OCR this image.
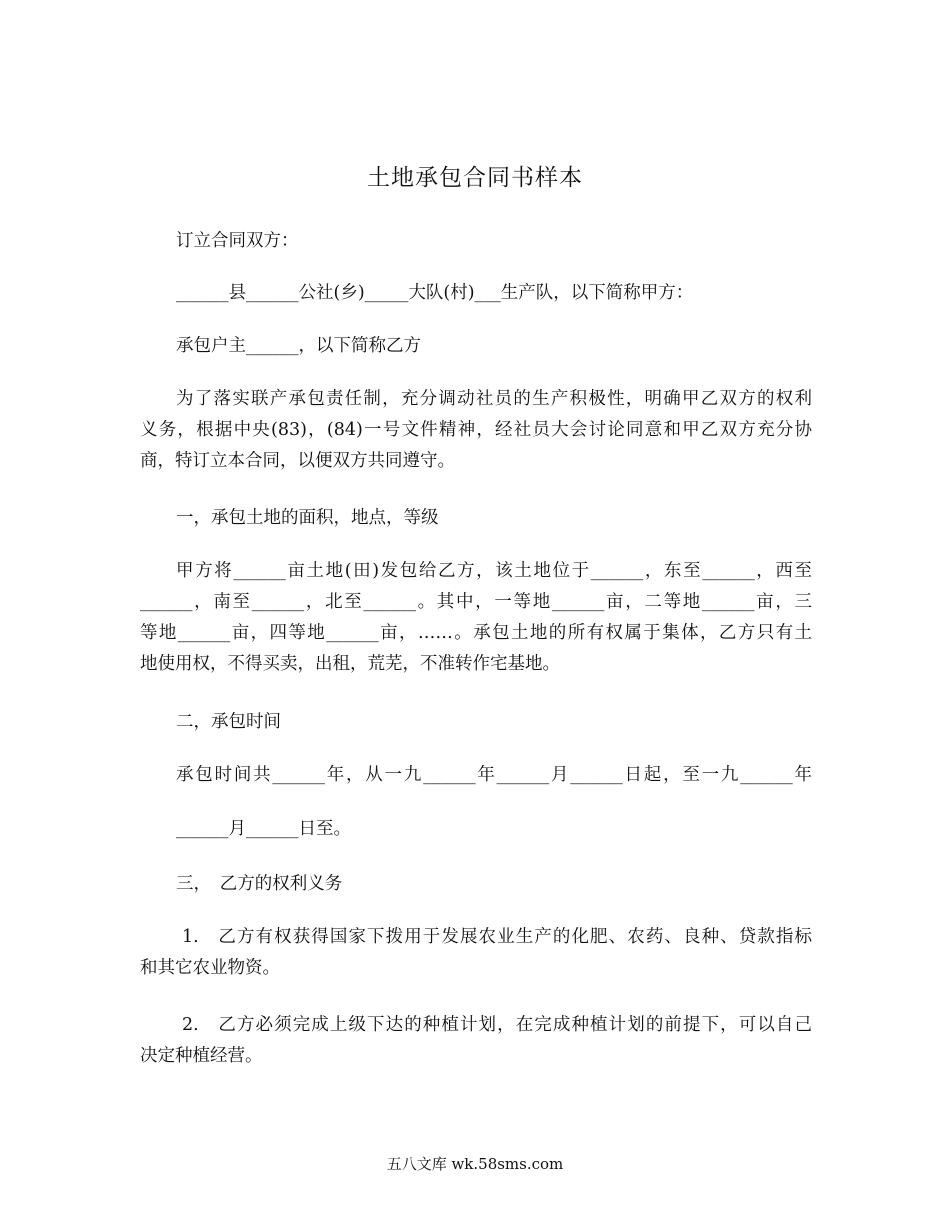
土地承包合同书样本
订立合同双方：
______县______公社(乡)_____大队(村)___生产队，以下简称甲方：
承包户主______，以下简称乙方
为了落实联产承包责任制，充分调动社员的生产积极性，明确甲乙双方的权利
义务，根据中央(83)，(84)一号文件精神，经社员大会讨论同意和甲乙双方充分协
商，特订立本合同，以便双方共同遵守。
一，承包土地的面积，地点，等级
甲方将______亩土地(田)发包给乙方，该土地位于______，东至______，西至
______，南至______，北至______。其中，一等地______亩，二等地______亩，三
等地______亩，四等地______亩，……。承包土地的所有权属于集体，乙方只有土
地使用权，不得买卖，出租，荒芜，不准转作宅基地。
二，承包时间
承包时间共______年，从一九______年______月______日起，至一九______年
______月______日至。
三，　乙方的权利义务
1.　乙方有权获得国家下拨用于发展农业生产的化肥、农药、良种、贷款指标
和其它农业物资。
2.　乙方必须完成上级下达的种植计划，在完成种植计划的前提下，可以自己
决定种植经营。
五八文库 wk.58sms.com
